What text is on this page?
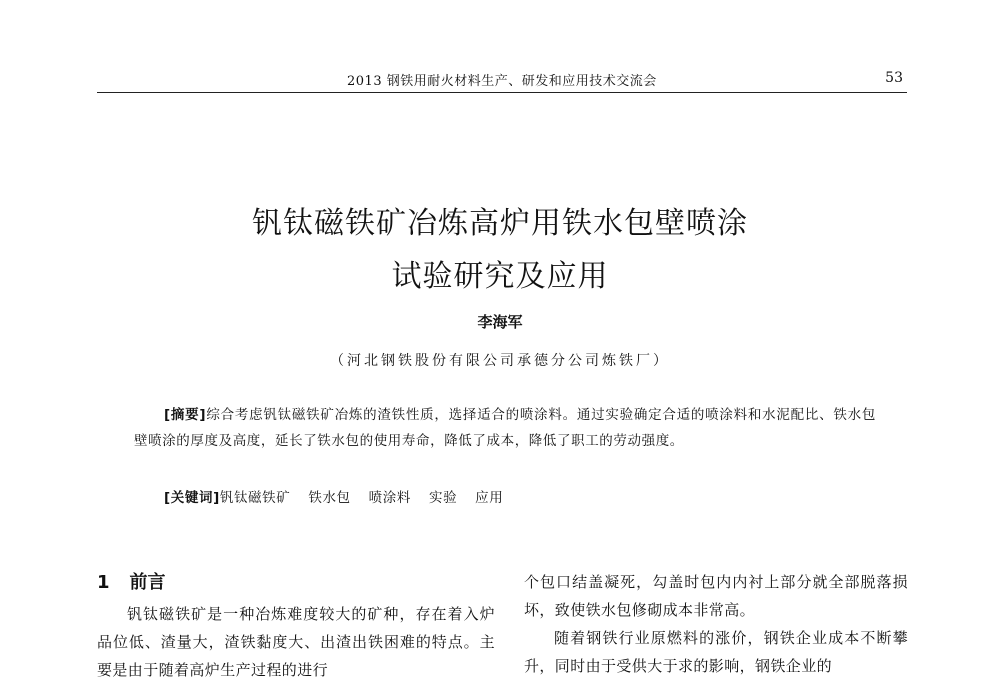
2013 钢铁用耐火材料生产、研发和应用技术交流会	53
钒钛磁铁矿冶炼高炉用铁水包壁喷涂
试验研究及应用
李海军
（河北钢铁股份有限公司承德分公司炼铁厂）

[摘要]综合考虑钒钛磁铁矿冶炼的渣铁性质，选择适合的喷涂料。通过实验确定合适的喷涂料和水泥配比、铁水包壁喷涂的厚度及高度，延长了铁水包的使用寿命，降低了成本，降低了职工的劳动强度。

[关键词]钒钛磁铁矿 铁水包 喷涂料 实验 应用
1 前言

钒钛磁铁矿是一种冶炼难度较大的矿种，存在着入炉品位低、渣量大，渣铁黏度大、出渣出铁困难的特点。主要是由于随着高炉生产过程的进行

个包口结盖凝死，勾盖时包内内衬上部分就全部脱落损坏，致使铁水包修砌成本非常高。

随着钢铁行业原燃料的涨价，钢铁企业成本不断攀升，同时由于受供大于求的影响，钢铁企业的
